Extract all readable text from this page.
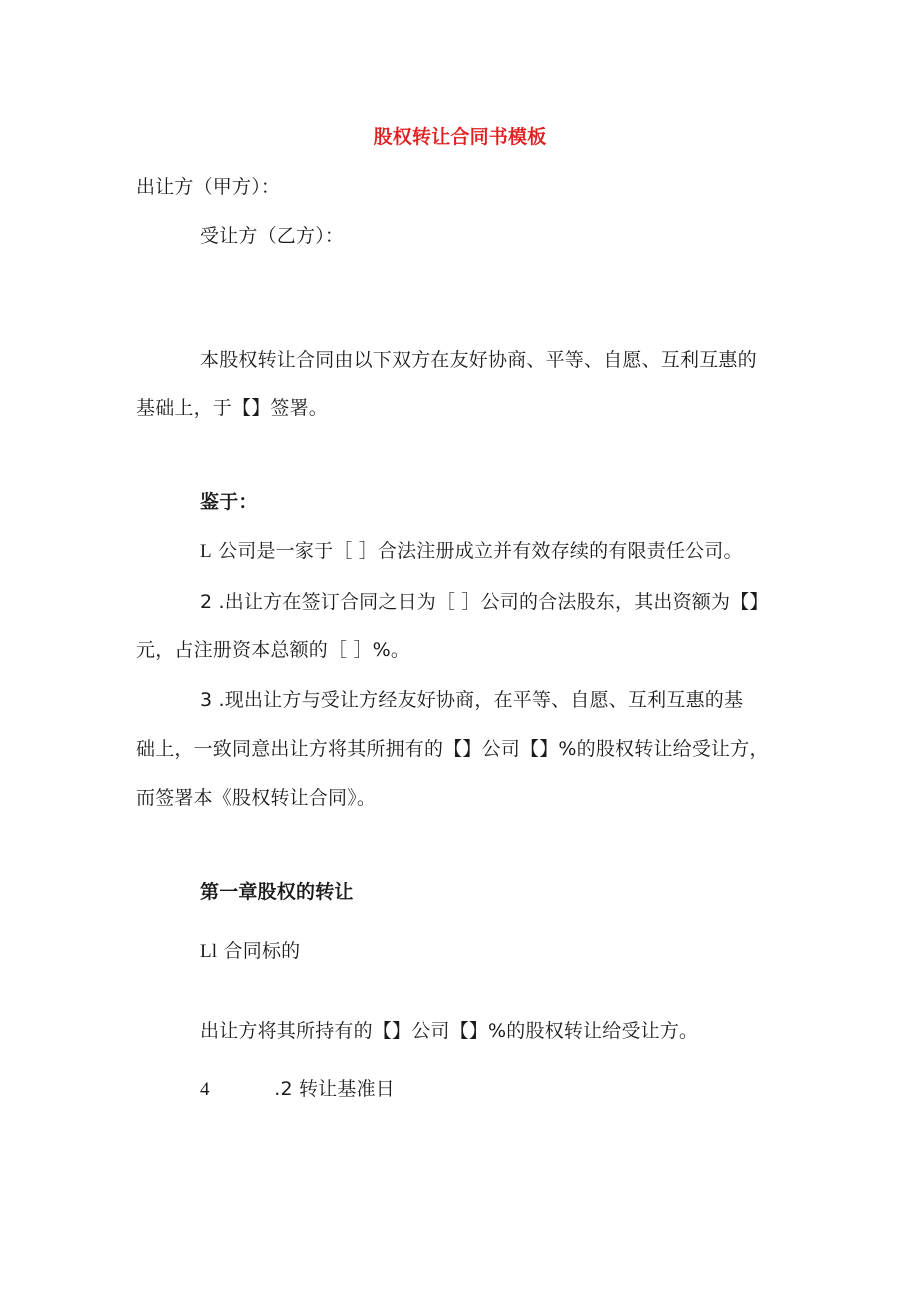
股权转让合同书模板
出让方（甲方）：
受让方（乙方）：
本股权转让合同由以下双方在友好协商、平等、自愿、互利互惠的
基础上，于【】签署。
鉴于：
L 公司是一家于［ ］合法注册成立并有效存续的有限责任公司。
2 .出让方在签订合同之日为［ ］公司的合法股东，其出资额为【】
元，占注册资本总额的［ ］%。
3 .现出让方与受让方经友好协商，在平等、自愿、互利互惠的基
础上，一致同意出让方将其所拥有的【】公司【】%的股权转让给受让方，
而签署本《股权转让合同》。
第一章股权的转让
Ll 合同标的
出让方将其所持有的【】公司【】%的股权转让给受让方。
4	.2 转让基准日
